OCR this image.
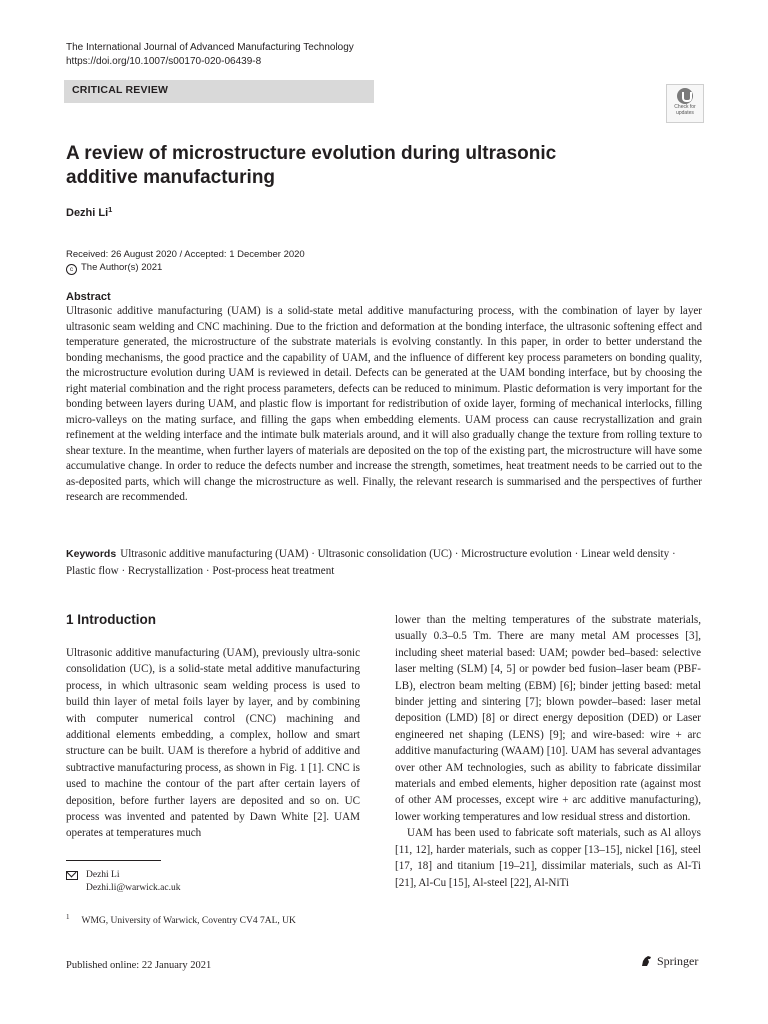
The International Journal of Advanced Manufacturing Technology
https://doi.org/10.1007/s00170-020-06439-8
CRITICAL REVIEW
Check for
updates
A review of microstructure evolution during ultrasonic additive manufacturing
Dezhi Li$^1$
Received: 26 August 2020 / Accepted: 1 December 2020
c The Author(s) 2021
Abstract
Ultrasonic additive manufacturing (UAM) is a solid-state metal additive manufacturing process, with the combination of layer by layer ultrasonic seam welding and CNC machining. Due to the friction and deformation at the bonding interface, the ultrasonic softening effect and temperature generated, the microstructure of the substrate materials is evolving constantly. In this paper, in order to better understand the bonding mechanisms, the good practice and the capability of UAM, and the influence of different key process parameters on bonding quality, the microstructure evolution during UAM is reviewed in detail. Defects can be generated at the UAM bonding interface, but by choosing the right material combination and the right process parameters, defects can be reduced to minimum. Plastic deformation is very important for the bonding between layers during UAM, and plastic flow is important for redistribution of oxide layer, forming of mechanical interlocks, filling micro-valleys on the mating surface, and filling the gaps when embedding elements. UAM process can cause recrystallization and grain refinement at the welding interface and the intimate bulk materials around, and it will also gradually change the texture from rolling texture to shear texture. In the meantime, when further layers of materials are deposited on the top of the existing part, the microstructure will have some accumulative change. In order to reduce the defects number and increase the strength, sometimes, heat treatment needs to be carried out to the as-deposited parts, which will change the microstructure as well. Finally, the relevant research is summarised and the perspectives of further research are recommended.
Keywords Ultrasonic additive manufacturing (UAM) · Ultrasonic consolidation (UC) · Microstructure evolution · Linear weld density · Plastic flow · Recrystallization · Post-process heat treatment
1 Introduction

Ultrasonic additive manufacturing (UAM), previously ultra-sonic consolidation (UC), is a solid-state metal additive manufacturing process, in which ultrasonic seam welding process is used to build thin layer of metal foils layer by layer, and by combining with computer numerical control (CNC) machining and additional elements embedding, a complex, hollow and smart structure can be built. UAM is therefore a hybrid of additive and subtractive manufacturing process, as shown in Fig. 1 [1]. CNC is used to machine the contour of the part after certain layers of deposition, before further layers are deposited and so on. UC process was invented and patented by Dawn White [2]. UAM operates at temperatures much

lower than the melting temperatures of the substrate materials, usually 0.3–0.5 Tm. There are many metal AM processes [3], including sheet material based: UAM; powder bed–based: selective laser melting (SLM) [4, 5] or powder bed fusion–laser beam (PBF-LB), electron beam melting (EBM) [6]; binder jetting based: metal binder jetting and sintering [7]; blown powder–based: laser metal deposition (LMD) [8] or direct energy deposition (DED) or Laser engineered net shaping (LENS) [9]; and wire-based: wire + arc additive manufacturing (WAAM) [10]. UAM has several advantages over other AM technologies, such as ability to fabricate dissimilar materials and embed elements, higher deposition rate (against most of other AM processes, except wire + arc additive manufacturing), lower working temperatures and low residual stress and distortion.

UAM has been used to fabricate soft materials, such as Al alloys [11, 12], harder materials, such as copper [13–15], nickel [16], steel [17, 18] and titanium [19–21], dissimilar materials, such as Al-Ti [21], Al-Cu [15], Al-steel [22], Al-NiTi

Dezhi Li
Dezhi.li@warwick.ac.uk
$^1$ WMG, University of Warwick, Coventry CV4 7AL, UK
Published online: 22 January 2021	Springer
